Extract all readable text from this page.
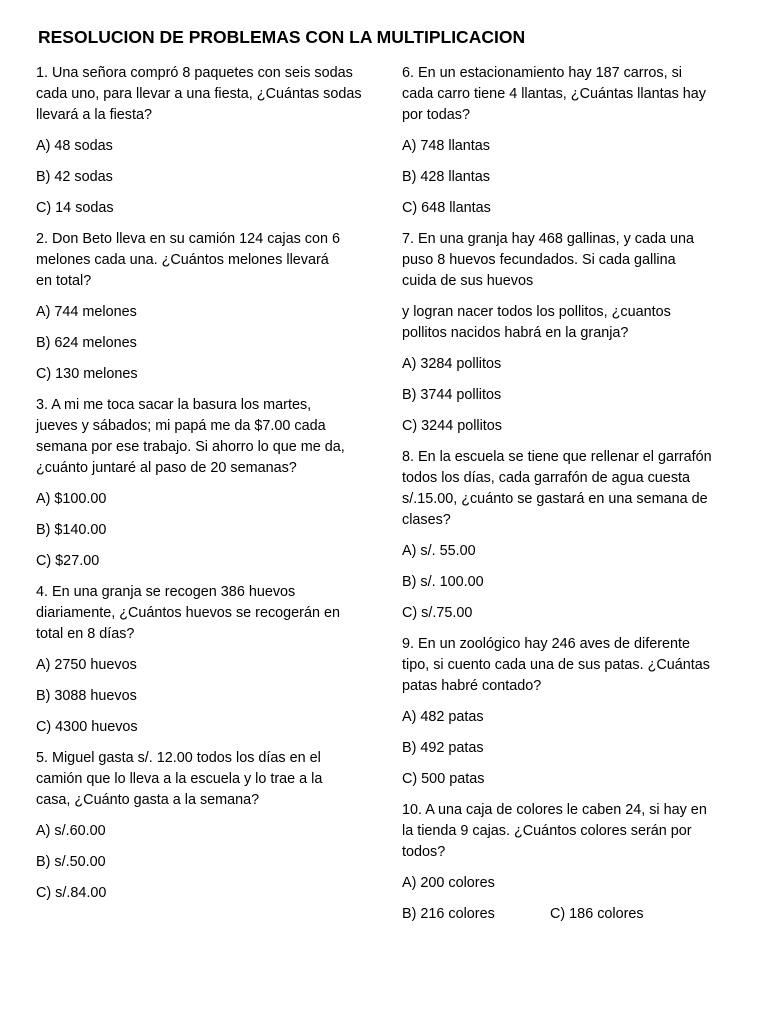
RESOLUCION DE PROBLEMAS CON LA MULTIPLICACION
1. Una señora compró 8 paquetes con seis sodas
cada uno, para llevar a una fiesta, ¿Cuántas sodas
llevará a la fiesta?
A) 48 sodas
B) 42 sodas
C) 14 sodas
2. Don Beto lleva en su camión 124 cajas con 6
melones cada una. ¿Cuántos melones llevará
en total?
A) 744 melones
B) 624 melones
C) 130 melones
3. A mi me toca sacar la basura los martes,
jueves y sábados; mi papá me da $7.00 cada
semana por ese trabajo. Si ahorro lo que me da,
¿cuánto juntaré al paso de 20 semanas?
A) $100.00
B) $140.00
C) $27.00
4. En una granja se recogen 386 huevos
diariamente, ¿Cuántos huevos se recogerán en
total en 8 días?
A) 2750 huevos
B) 3088 huevos
C) 4300 huevos
5. Miguel gasta s/. 12.00 todos los días en el
camión que lo lleva a la escuela y lo trae a la
casa, ¿Cuánto gasta a la semana?
A) s/.60.00
B) s/.50.00
C) s/.84.00
6. En un estacionamiento hay 187 carros, si
cada carro tiene 4 llantas, ¿Cuántas llantas hay
por todas?
A) 748 llantas
B) 428 llantas
C) 648 llantas
7. En una granja hay 468 gallinas, y cada una
puso 8 huevos fecundados. Si cada gallina
cuida de sus huevos
y logran nacer todos los pollitos, ¿cuantos
pollitos nacidos habrá en la granja?
A) 3284 pollitos
B) 3744 pollitos
C) 3244 pollitos
8. En la escuela se tiene que rellenar el garrafón
todos los días, cada garrafón de agua cuesta
s/.15.00, ¿cuánto se gastará en una semana de
clases?
A) s/. 55.00
B) s/. 100.00
C) s/.75.00
9. En un zoológico hay 246 aves de diferente
tipo, si cuento cada una de sus patas. ¿Cuántas
patas habré contado?
A) 482 patas
B) 492 patas
C) 500 patas
10. A una caja de colores le caben 24, si hay en
la tienda 9 cajas. ¿Cuántos colores serán por
todos?
A) 200 colores
B) 216 colores	C) 186 colores
